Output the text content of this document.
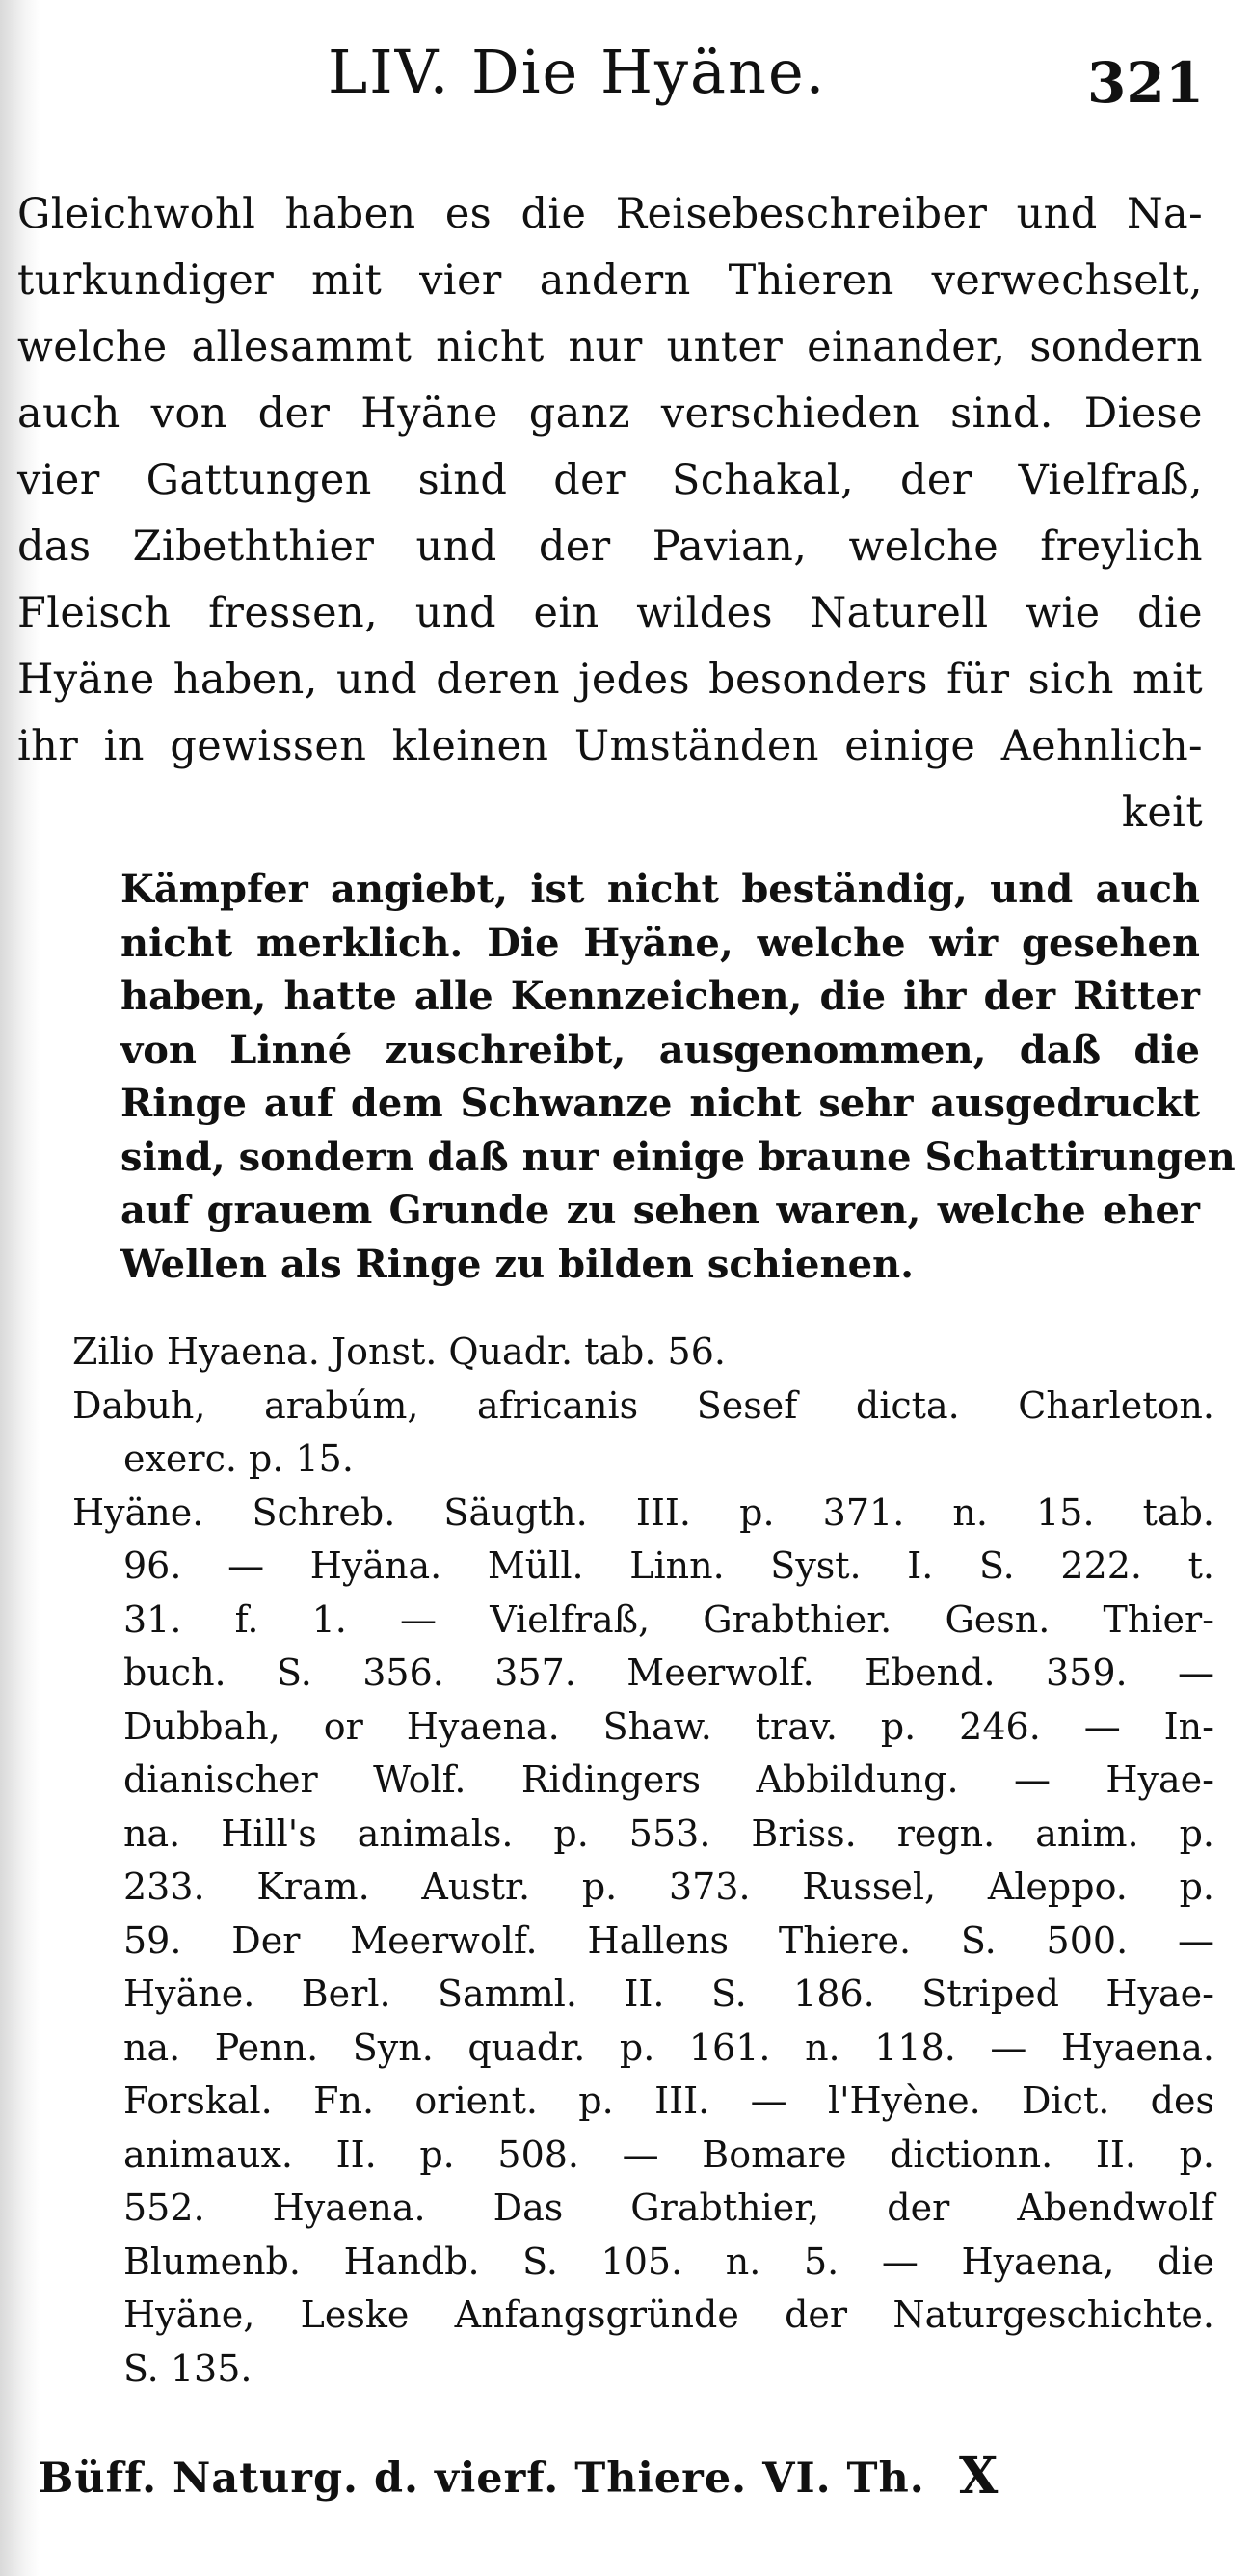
LIV. Die Hyäne.	321
Gleichwohl haben es die Reisebeschreiber und Na-
turkundiger mit vier andern Thieren verwechselt,
welche allesammt nicht nur unter einander, sondern
auch von der Hyäne ganz verschieden sind. Diese
vier Gattungen sind der Schakal, der Vielfraß,
das Zibeththier und der Pavian, welche freylich
Fleisch fressen, und ein wildes Naturell wie die
Hyäne haben, und deren jedes besonders für sich mit
ihr in gewissen kleinen Umständen einige Aehnlich-
keit
Kämpfer angiebt, ist nicht beständig, und auch
nicht merklich. Die Hyäne, welche wir gesehen
haben, hatte alle Kennzeichen, die ihr der Ritter
von Linné zuschreibt, ausgenommen, daß die
Ringe auf dem Schwanze nicht sehr ausgedruckt
sind, sondern daß nur einige braune Schattirungen
auf grauem Grunde zu sehen waren, welche eher
Wellen als Ringe zu bilden schienen.
Zilio Hyaena. Jonst. Quadr. tab. 56.
Dabuh, arabúm, africanis Sesef dicta. Charleton.
exerc. p. 15.
Hyäne. Schreb. Säugth. III. p. 371. n. 15. tab.
96. — Hyäna. Müll. Linn. Syst. I. S. 222. t.
31. f. 1. — Vielfraß, Grabthier. Gesn. Thier-
buch. S. 356. 357. Meerwolf. Ebend. 359. —
Dubbah, or Hyaena. Shaw. trav. p. 246. — In-
dianischer Wolf. Ridingers Abbildung. — Hyae-
na. Hill's animals. p. 553. Briss. regn. anim. p.
233. Kram. Austr. p. 373. Russel, Aleppo. p.
59. Der Meerwolf. Hallens Thiere. S. 500. —
Hyäne. Berl. Samml. II. S. 186. Striped Hyae-
na. Penn. Syn. quadr. p. 161. n. 118. — Hyaena.
Forskal. Fn. orient. p. III. — l'Hyène. Dict. des
animaux. II. p. 508. — Bomare dictionn. II. p.
552. Hyaena. Das Grabthier, der Abendwolf
Blumenb. Handb. S. 105. n. 5. — Hyaena, die
Hyäne, Leske Anfangsgründe der Naturgeschichte.
S. 135.
Büff. Naturg. d. vierf. Thiere. VI. Th. X
